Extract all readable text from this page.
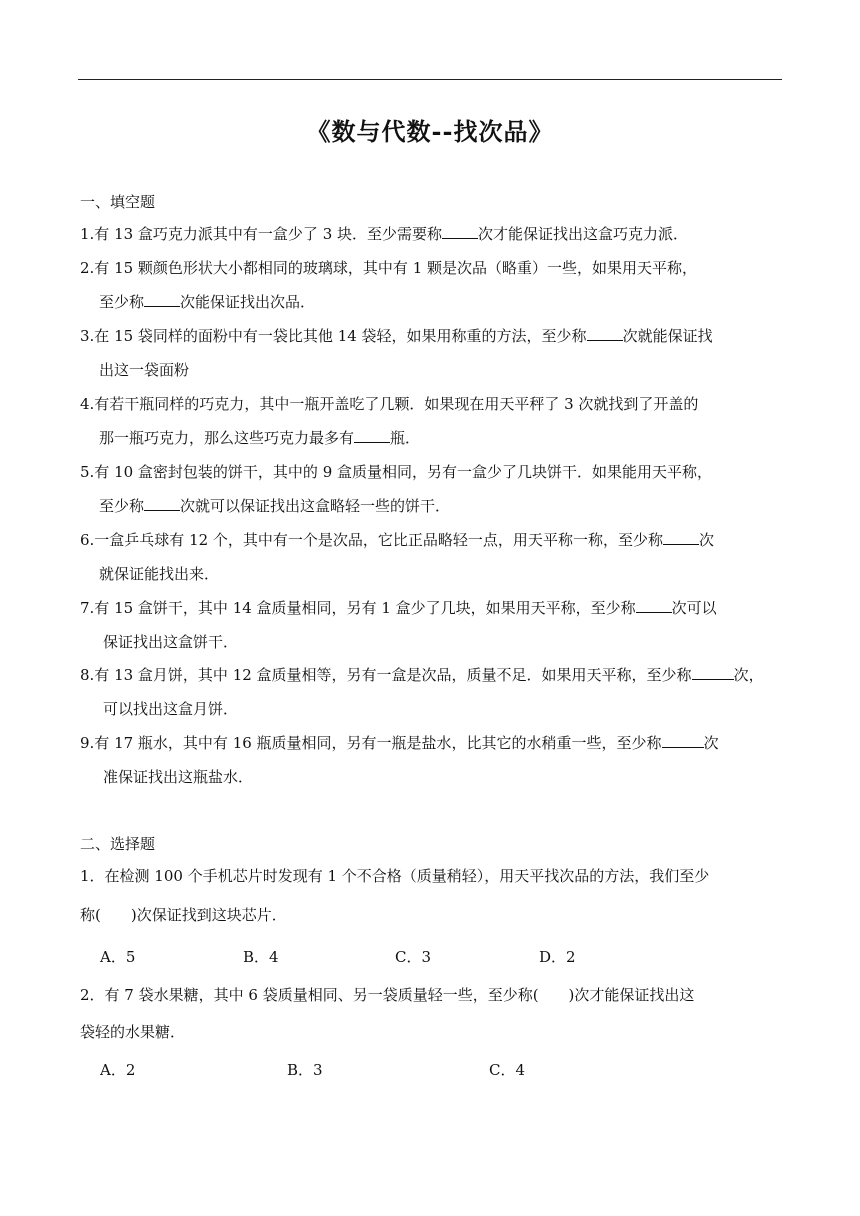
《数与代数--找次品》
一、填空题
1.有 13 盒巧克力派其中有一盒少了 3 块．至少需要称 次才能保证找出这盒巧克力派．
2.有 15 颗颜色形状大小都相同的玻璃球，其中有 1 颗是次品（略重）一些，如果用天平称，
至少称 次能保证找出次品．
3.在 15 袋同样的面粉中有一袋比其他 14 袋轻，如果用称重的方法，至少称 次就能保证找
出这一袋面粉
4.有若干瓶同样的巧克力，其中一瓶开盖吃了几颗．如果现在用天平秤了 3 次就找到了开盖的
那一瓶巧克力，那么这些巧克力最多有 瓶．
5.有 10 盒密封包装的饼干，其中的 9 盒质量相同，另有一盒少了几块饼干．如果能用天平称，
至少称 次就可以保证找出这盒略轻一些的饼干．
6.一盒乒乓球有 12 个，其中有一个是次品，它比正品略轻一点，用天平称一称，至少称 次
就保证能找出来．
7.有 15 盒饼干，其中 14 盒质量相同，另有 1 盒少了几块，如果用天平称，至少称 次可以
保证找出这盒饼干．
8.有 13 盒月饼，其中 12 盒质量相等，另有一盒是次品，质量不足．如果用天平称，至少称	次，
可以找出这盒月饼．
9.有 17 瓶水，其中有 16 瓶质量相同，另有一瓶是盐水，比其它的水稍重一些，至少称	次
准保证找出这瓶盐水．
二、选择题
1．在检测 100 个手机芯片时发现有 1 个不合格（质量稍轻），用天平找次品的方法，我们至少
称(　　)次保证找到这块芯片．
A．5	B．4	C．3	D．2
2．有 7 袋水果糖，其中 6 袋质量相同、另一袋质量轻一些，至少称(　　)次才能保证找出这
袋轻的水果糖．
A．2	B．3	C．4
